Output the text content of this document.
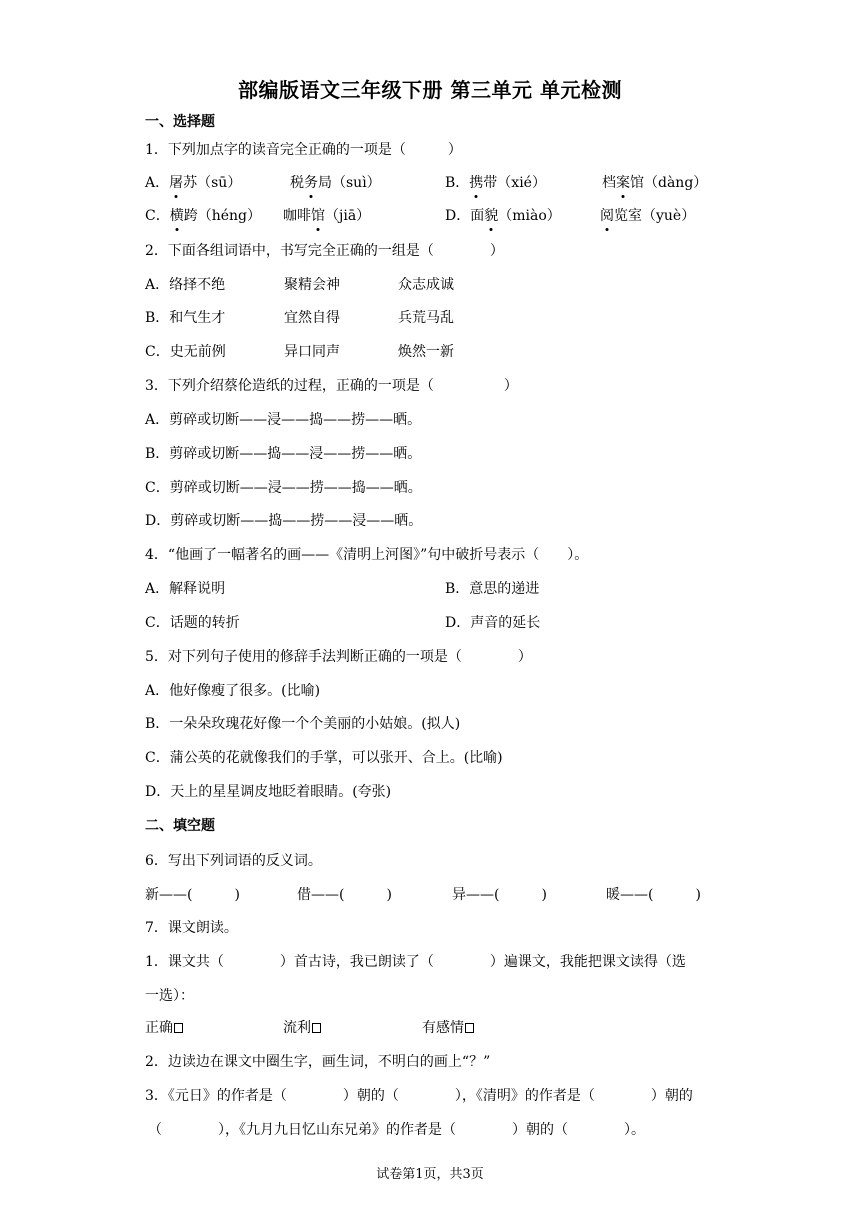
部编版语文三年级下册 第三单元 单元检测
一、选择题
1．下列加点字的读音完全正确的一项是（　　　）
A．屠苏（sū）	税务局（suì）	B．携带（xié）	档案馆（dàng）
C．横跨（héng） 咖啡馆（jiā）	D．面貌（miào）	阅览室（yuè）
2．下面各组词语中，书写完全正确的一组是（　　　　）
A．络择不绝	聚精会神	众志成诚
B．和气生才	宜然自得	兵荒马乱
C．史无前例	异口同声	焕然一新
3．下列介绍蔡伦造纸的过程，正确的一项是（　　　　　）
A．剪碎或切断——浸——捣——捞——晒。
B．剪碎或切断——捣——浸——捞——晒。
C．剪碎或切断——浸——捞——捣——晒。
D．剪碎或切断——捣——捞——浸——晒。
4．“他画了一幅著名的画——《清明上河图》”句中破折号表示（　　）。
A．解释说明	B．意思的递进
C．话题的转折	D．声音的延长
5．对下列句子使用的修辞手法判断正确的一项是（　　　　）
A．他好像瘦了很多。(比喻)
B．一朵朵玫瑰花好像一个个美丽的小姑娘。(拟人)
C．蒲公英的花就像我们的手掌，可以张开、合上。(比喻)
D．天上的星星调皮地眨着眼睛。(夸张)
二、填空题
6．写出下列词语的反义词。
新——(　　　)	借——(　　　)	异——(　　　)	暖——(　　　)
7．课文朗读。
1．课文共（　　　　）首古诗，我已朗读了（　　　　）遍课文，我能把课文读得（选
一选）：
正确	流利	有感情
2．边读边在课文中圈生字，画生词，不明白的画上“？”
3．《元日》的作者是（　　　　）朝的（　　　　），《清明》的作者是（　　　　）朝的
（　　　　），《九月九日忆山东兄弟》的作者是（　　　　）朝的（　　　　）。
试卷第1页，共3页
